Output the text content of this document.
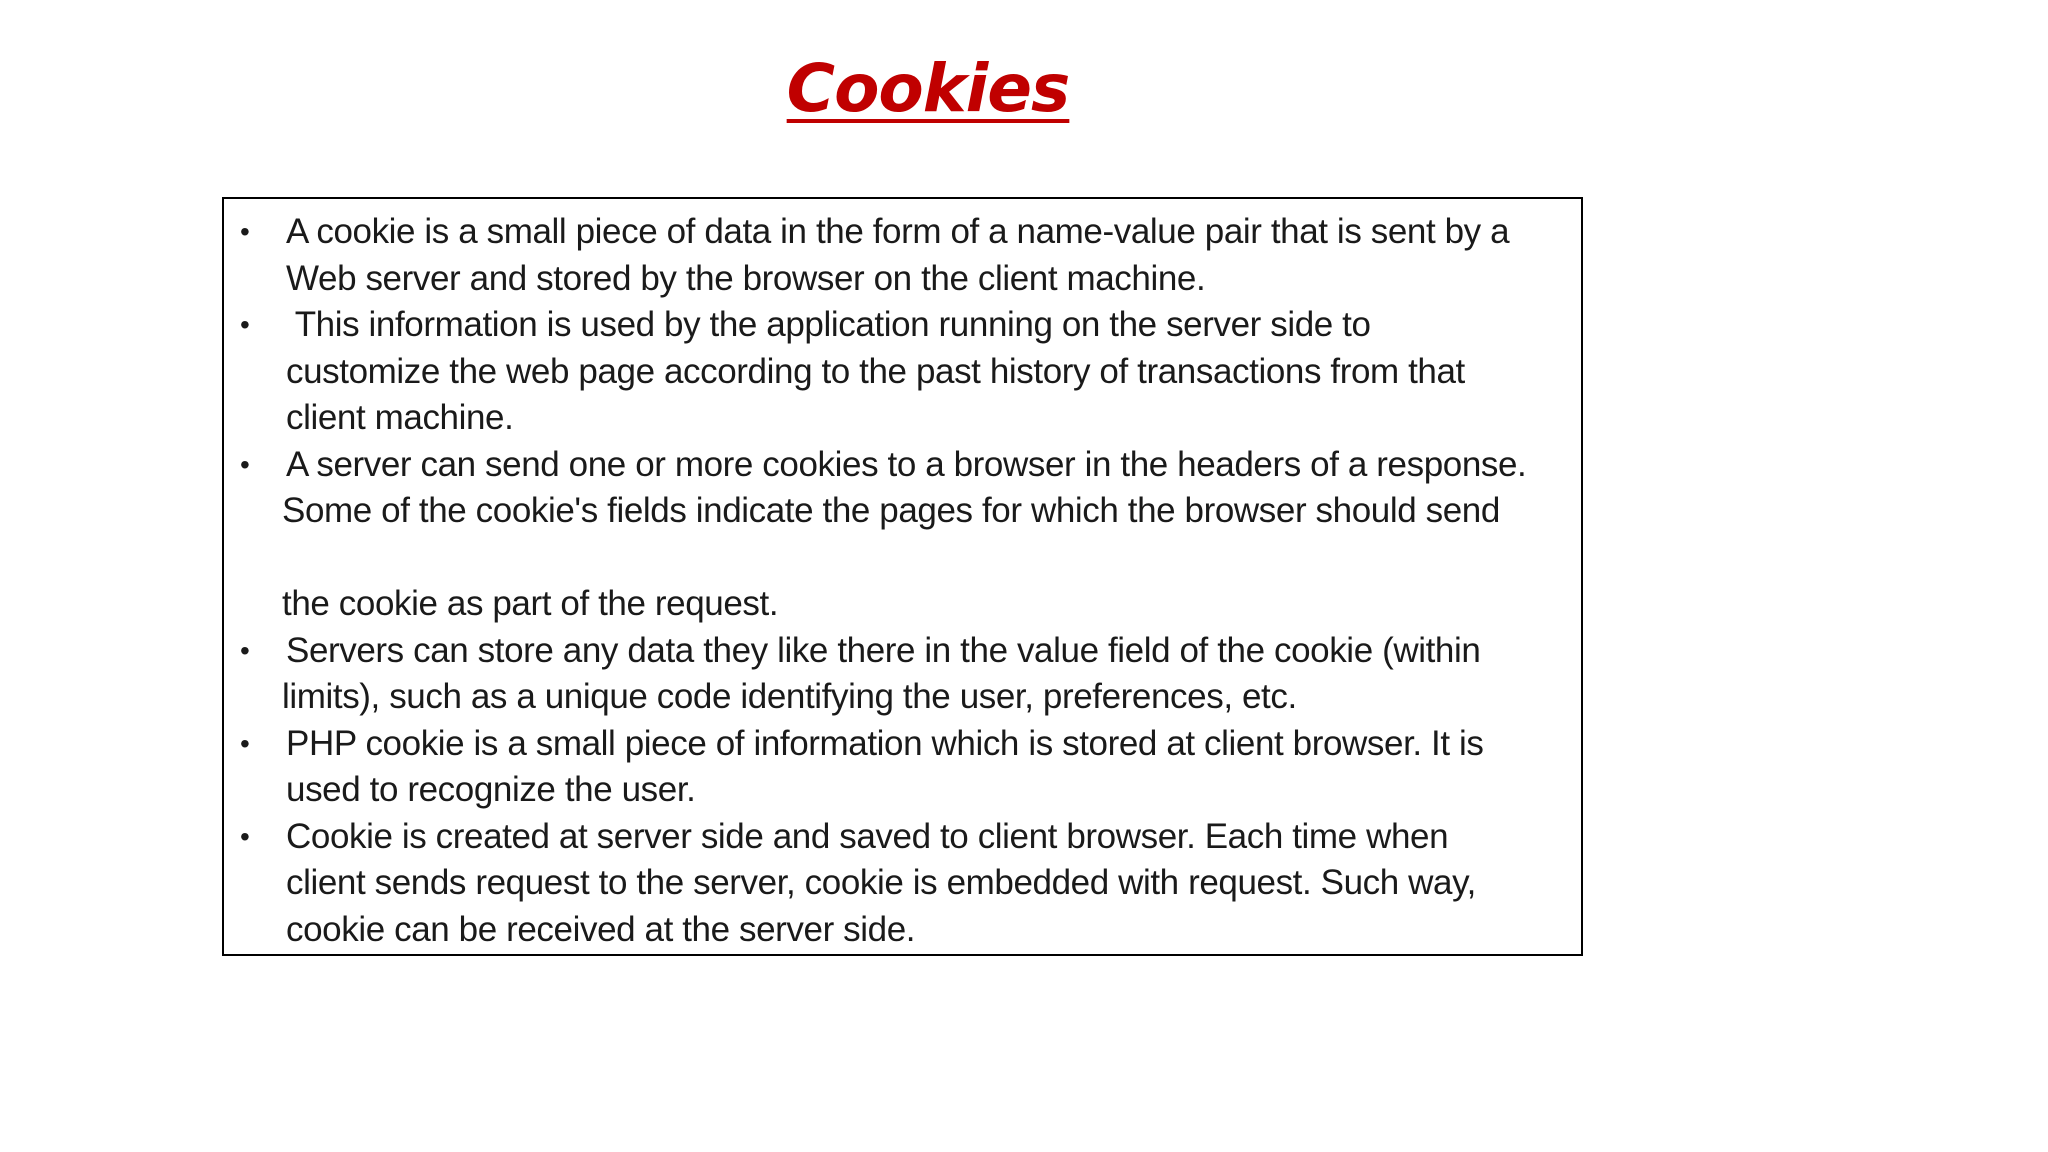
Cookies
• A cookie is a small piece of data in the form of a name-value pair that is sent by a
Web server and stored by the browser on the client machine.
• This information is used by the application running on the server side to
customize the web page according to the past history of transactions from that
client machine.
• A server can send one or more cookies to a browser in the headers of a response.
Some of the cookie's fields indicate the pages for which the browser should send
the cookie as part of the request.
• Servers can store any data they like there in the value field of the cookie (within
limits), such as a unique code identifying the user, preferences, etc.
• PHP cookie is a small piece of information which is stored at client browser. It is
used to recognize the user.
• Cookie is created at server side and saved to client browser. Each time when
client sends request to the server, cookie is embedded with request. Such way,
cookie can be received at the server side.
